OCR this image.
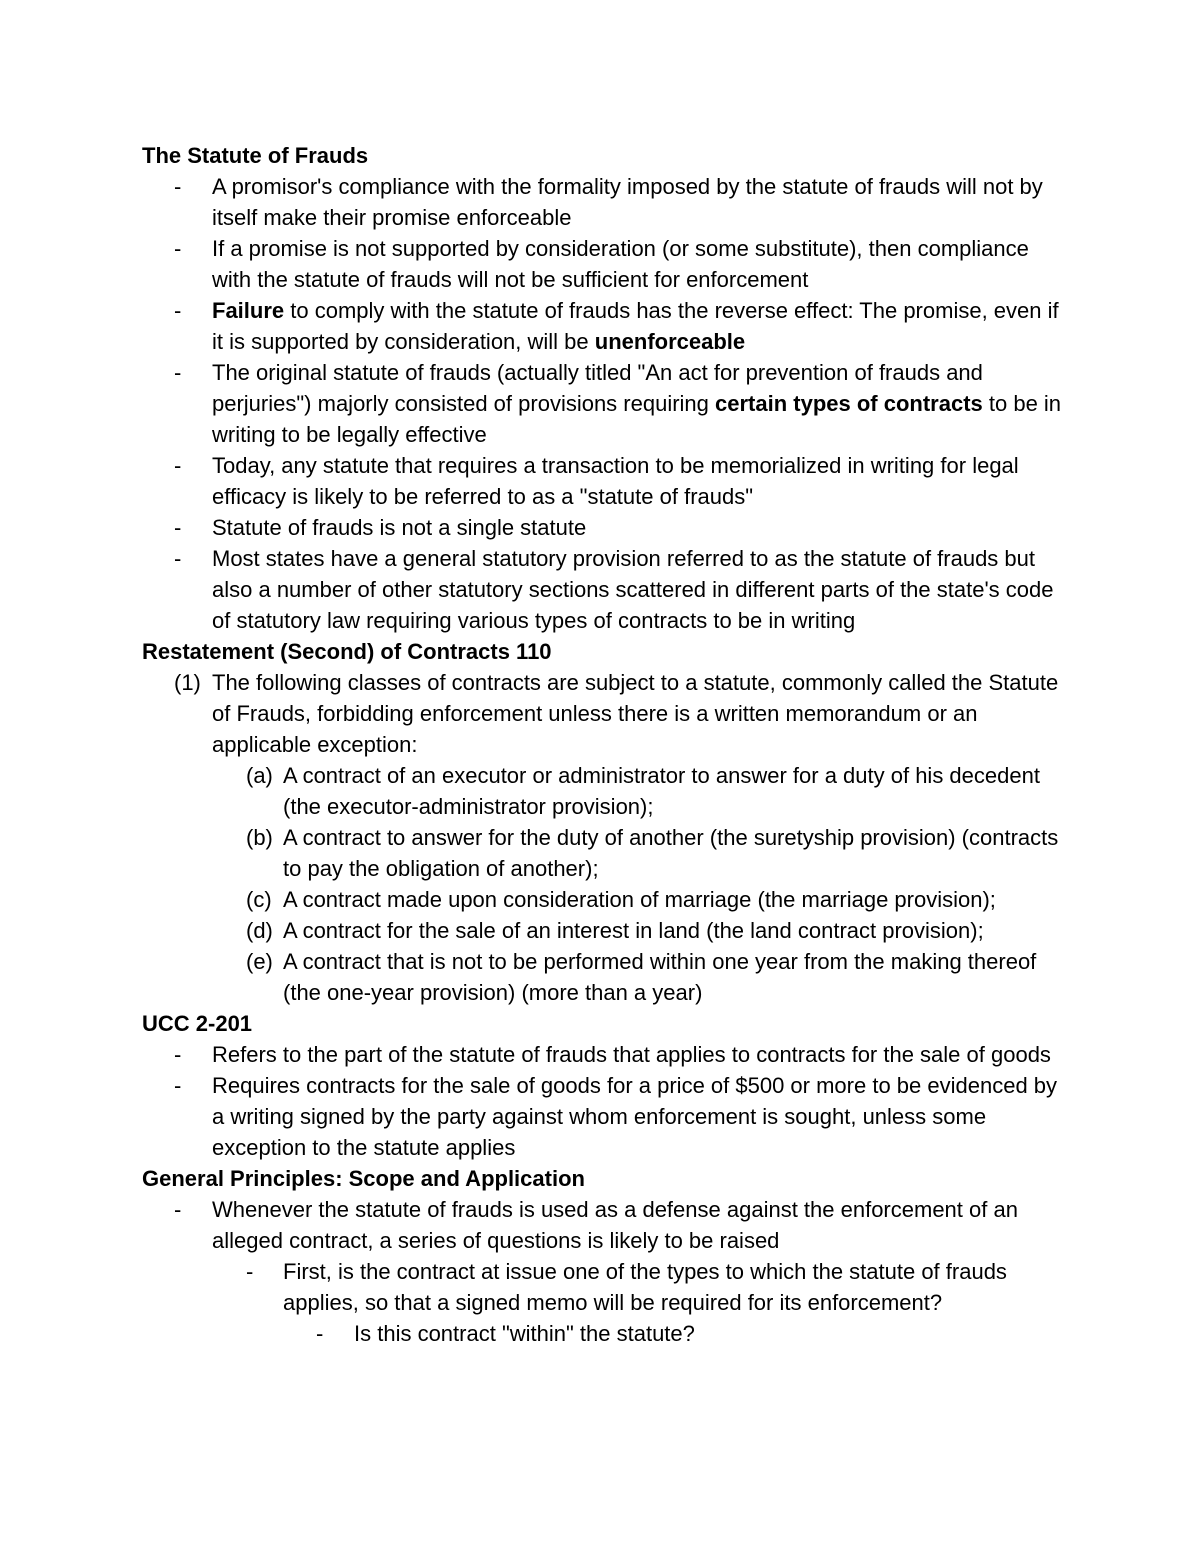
The Statute of Frauds

- A promisor's compliance with the formality imposed by the statute of frauds will not by itself make their promise enforceable

- If a promise is not supported by consideration (or some substitute), then compliance with the statute of frauds will not be sufficient for enforcement

- Failure to comply with the statute of frauds has the reverse effect: The promise, even if it is supported by consideration, will be unenforceable

- The original statute of frauds (actually titled "An act for prevention of frauds and perjuries") majorly consisted of provisions requiring certain types of contracts to be in writing to be legally effective

- Today, any statute that requires a transaction to be memorialized in writing for legal efficacy is likely to be referred to as a "statute of frauds"

- Statute of frauds is not a single statute

- Most states have a general statutory provision referred to as the statute of frauds but also a number of other statutory sections scattered in different parts of the state's code of statutory law requiring various types of contracts to be in writing

Restatement (Second) of Contracts 110

(1) The following classes of contracts are subject to a statute, commonly called the Statute of Frauds, forbidding enforcement unless there is a written memorandum or an applicable exception:

(a) A contract of an executor or administrator to answer for a duty of his decedent (the executor-administrator provision);

(b) A contract to answer for the duty of another (the suretyship provision) (contracts to pay the obligation of another);

(c) A contract made upon consideration of marriage (the marriage provision);

(d) A contract for the sale of an interest in land (the land contract provision);

(e) A contract that is not to be performed within one year from the making thereof (the one-year provision) (more than a year)

UCC 2-201

- Refers to the part of the statute of frauds that applies to contracts for the sale of goods

- Requires contracts for the sale of goods for a price of $500 or more to be evidenced by a writing signed by the party against whom enforcement is sought, unless some exception to the statute applies

General Principles: Scope and Application

- Whenever the statute of frauds is used as a defense against the enforcement of an alleged contract, a series of questions is likely to be raised

- First, is the contract at issue one of the types to which the statute of frauds applies, so that a signed memo will be required for its enforcement?

- Is this contract "within" the statute?
